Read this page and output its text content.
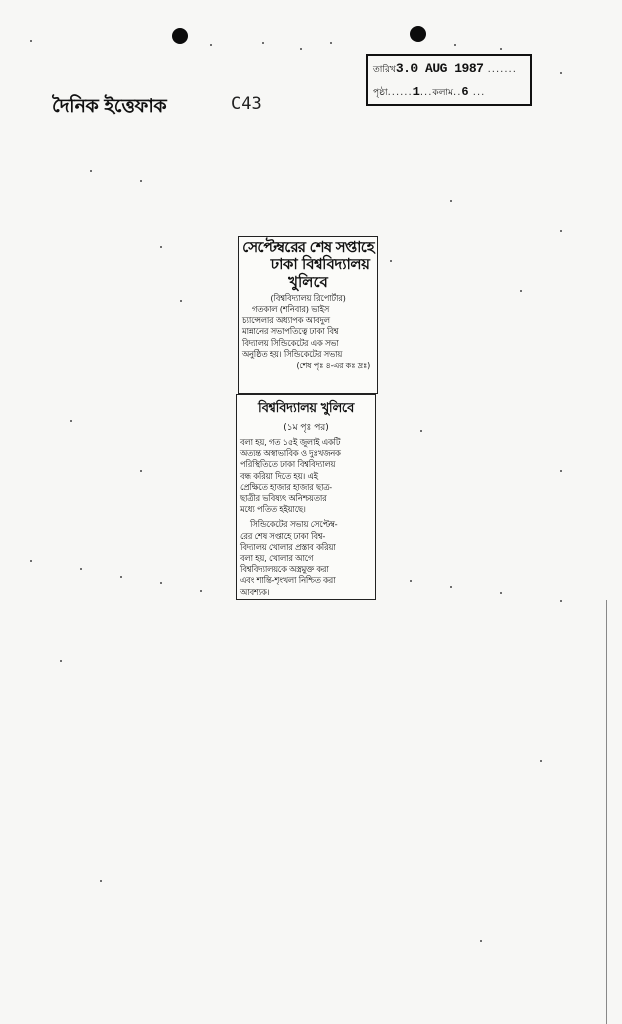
তারিখ3.0 AUG 1987 .......
পৃষ্ঠা......1...কলাম..6 ...
দৈনিক ইত্তেফাক	C43
সেপ্টেম্বরের শেষ সপ্তাহে
ঢাকা বিশ্ববিদ্যালয়
খুলিবে

(বিশ্ববিদ্যালয় রিপোর্টার)

গতকাল (শনিবার) ভাইস

চ্যান্সেলার অধ্যাপক আবদুল

মান্নানের সভাপতিত্বে ঢাকা বিশ্ব

বিদ্যালয় সিন্ডিকেটের এক সভা

অনুষ্ঠিত হয়। সিন্ডিকেটের সভায়

(শেষ পৃঃ ৪-এর কঃ দ্রঃ)

বিশ্ববিদ্যালয় খুলিবে
(১ম পৃঃ পর)

বলা হয়, গত ১৫ই জুলাই একটি

অত্যন্ত অস্বাভাবিক ও দুঃখজনক

পরিস্থিতিতে ঢাকা বিশ্ববিদ্যালয়

বন্ধ করিয়া দিতে হয়। এই

প্রেক্ষিতে হাজার হাজার ছাত্র-

ছাত্রীর ভবিষ্যৎ অনিশ্চয়তার

মধ্যে পতিত হইয়াছে।

সিন্ডিকেটের সভায় সেপ্টেম্ব-

রের শেষ সপ্তাহে ঢাকা বিশ্ব-

বিদ্যালয় খোলার প্রস্তাব করিয়া

বলা হয়, খোলার আগে

বিশ্ববিদ্যালয়কে অস্ত্রমুক্ত করা

এবং শান্তি-শৃংখলা নিশ্চিত করা

আবশ্যক।
